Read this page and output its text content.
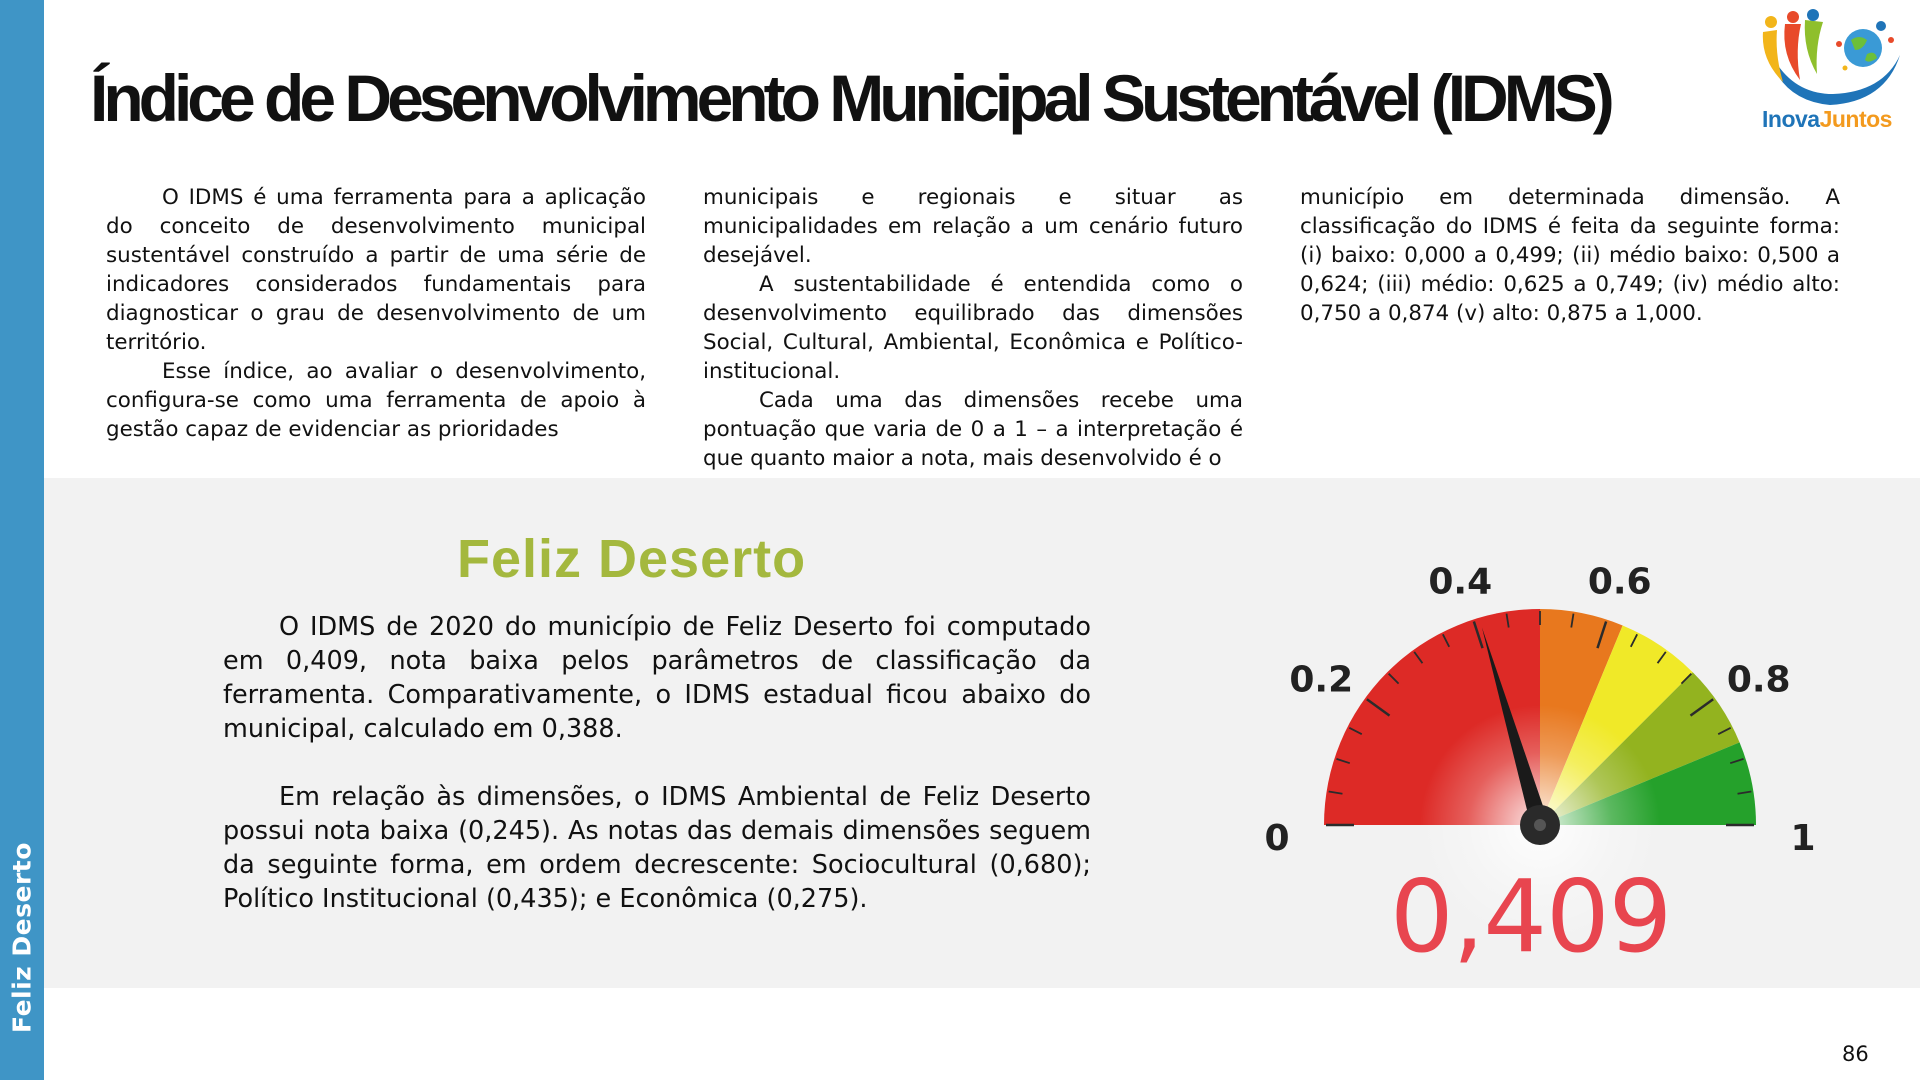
Feliz Deserto
Índice de Desenvolvimento Municipal Sustentável (IDMS)	InovaJuntos

O IDMS é uma ferramenta para a aplicação do conceito de desenvolvimento municipal sustentável construído a partir de uma série de indicadores considerados fundamentais para diagnosticar o grau de desenvolvimento de um território.

Esse índice, ao avaliar o desenvolvimento, configura-se como uma ferramenta de apoio à gestão capaz de evidenciar as prioridades

municipais e regionais e situar as municipalidades em relação a um cenário futuro desejável.

A sustentabilidade é entendida como o desenvolvimento equilibrado das dimensões Social, Cultural, Ambiental, Econômica e Político-institucional.

Cada uma das dimensões recebe uma pontuação que varia de 0 a 1 – a interpretação é que quanto maior a nota, mais desenvolvido é o

município em determinada dimensão. A classificação do IDMS é feita da seguinte forma: (i) baixo: 0,000 a 0,499; (ii) médio baixo: 0,500 a 0,624; (iii) médio: 0,625 a 0,749; (iv) médio alto: 0,750 a 0,874 (v) alto: 0,875 a 1,000.

Feliz Deserto

O IDMS de 2020 do município de Feliz Deserto foi computado em 0,409, nota baixa pelos parâmetros de classificação da ferramenta. Comparativamente, o IDMS estadual ficou abaixo do municipal, calculado em 0,388.

Em relação às dimensões, o IDMS Ambiental de Feliz Deserto possui nota baixa (0,245). As notas das demais dimensões seguem da seguinte forma, em ordem decrescente: Sociocultural (0,680); Político Institucional (0,435); e Econômica (0,275).

0
0.2
0.4	0.6
0.8
1
0,409
86
